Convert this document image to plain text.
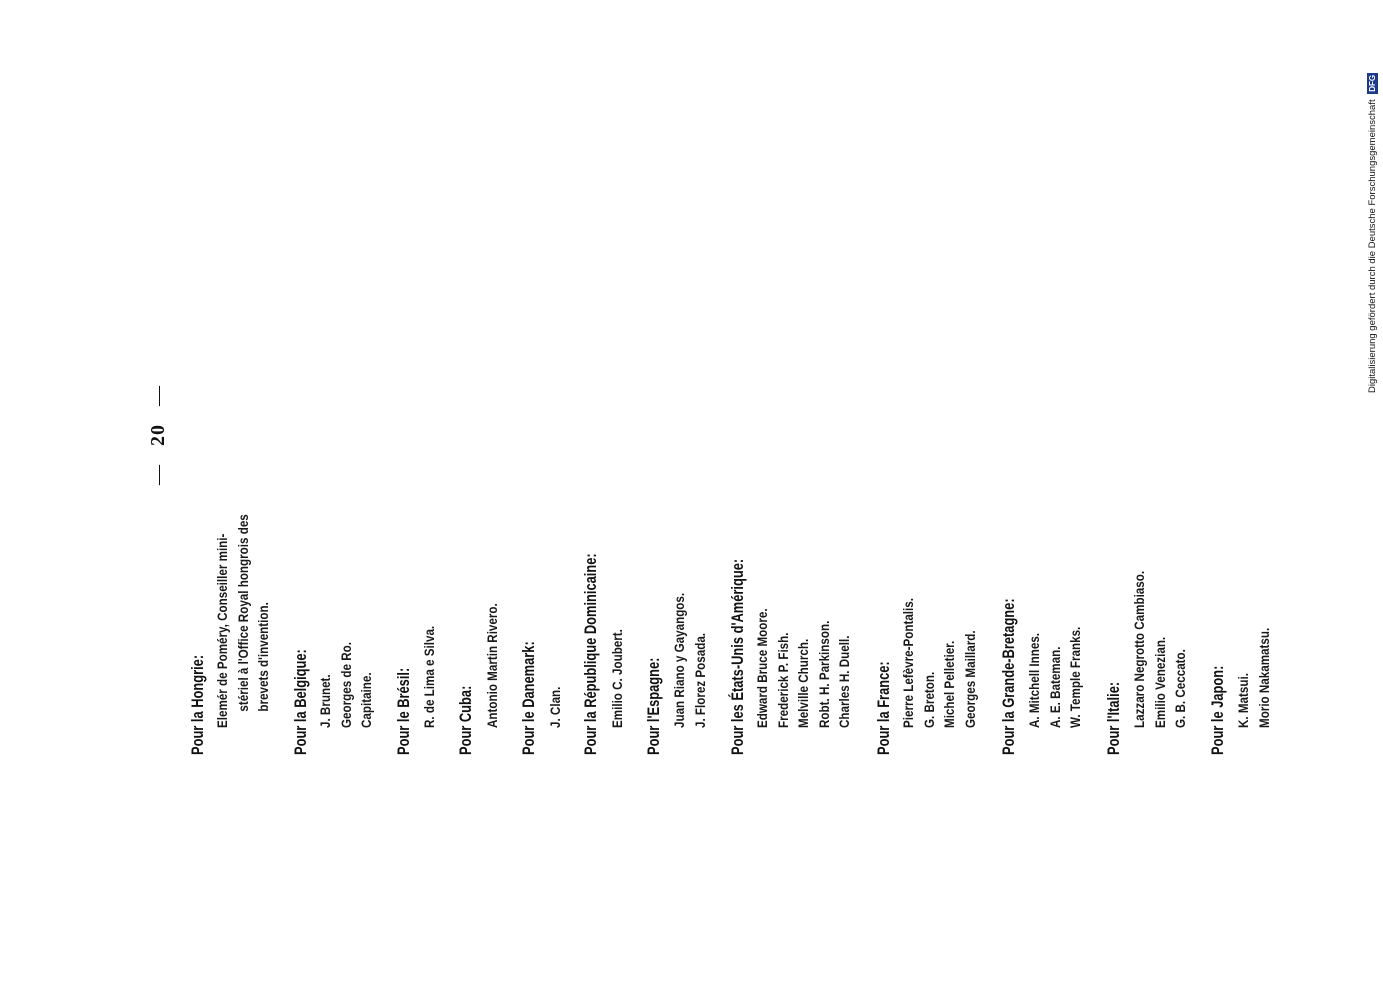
—   20   —
Pour la Hongrie: Elemér de Poméry, Conseiller mini- stériel à l'Office Royal hongrois des brevets d'invention. Pour la Belgique: J. Brunet. Georges de Ro. Capitaine. Pour le Brésil: R. de Lima e Silva. Pour Cuba: Antonio Martin Rivero. Pour le Danemark: J. Clan. Pour la République Dominicaine: Emilio C. Joubert. Pour l'Espagne: Juan Riano y Gayangos. J. Florez Posada. Pour les États-Unis d'Amérique: Edward Bruce Moore. Frederick P. Fish. Melville Church. Robt. H. Parkinson. Charles H. Duell. Pour la France: Pierre Lefèvre-Pontalis. G. Breton. Michel Pelletier. Georges Maillard. Pour la Grande-Bretagne: A. Mitchell Innes. A. E. Bateman. W. Temple Franks. Pour l'Italie: Lazzaro Negrotto Cambiaso. Emilio Venezian. G. B. Ceccato. Pour le Japon: K. Matsui. Morio Nakamatsu.
Digitalisierung gefördert durch die Deutsche Forschungsgemeinschaft DFG
